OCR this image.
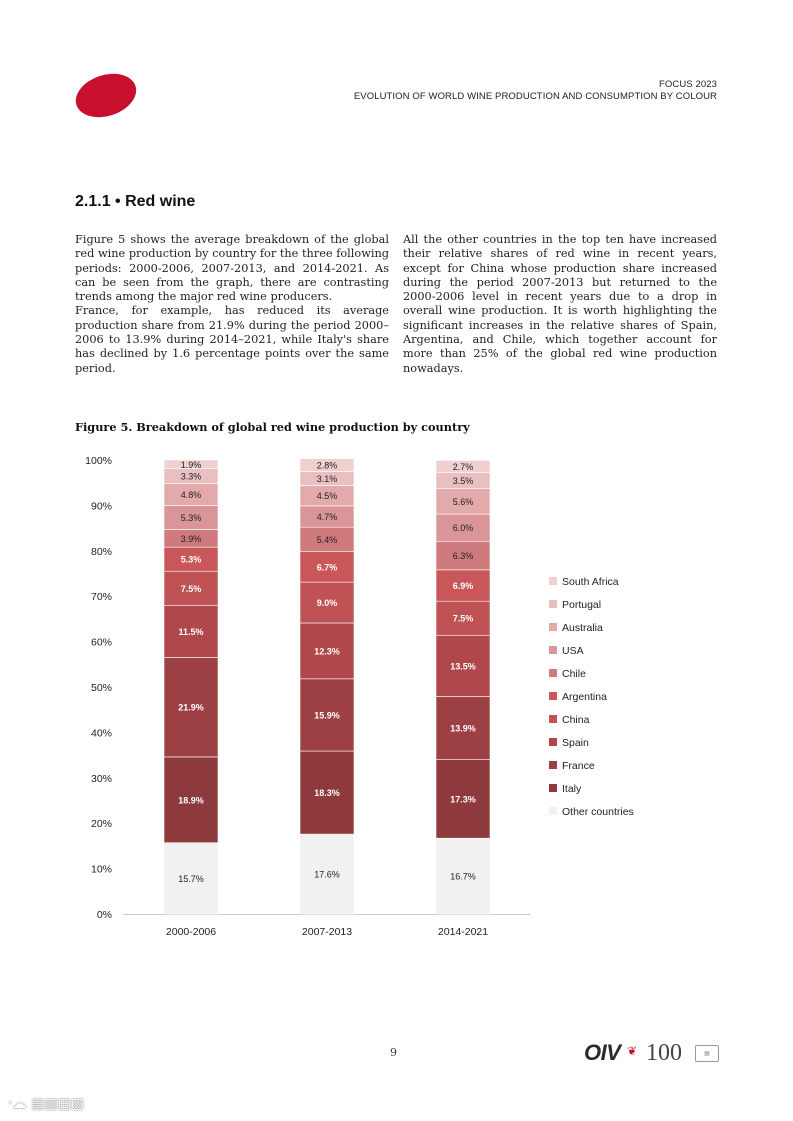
FOCUS 2023
EVOLUTION OF WORLD WINE PRODUCTION AND CONSUMPTION BY COLOUR
2.1.1 • Red wine

Figure 5 shows the average breakdown of the global red wine production by country for the three following periods: 2000-2006, 2007-2013, and 2014-2021. As can be seen from the graph, there are contrasting trends among the major red wine producers.

France, for example, has reduced its average production share from 21.9% during the period 2000–2006 to 13.9% during 2014–2021, while Italy's share has declined by 1.6 percentage points over the same period.

All the other countries in the top ten have increased their relative shares of red wine in recent years, except for China whose production share increased during the period 2007-2013 but returned to the 2000-2006 level in recent years due to a drop in overall wine production. It is worth highlighting the significant increases in the relative shares of Spain, Argentina, and Chile, which together account for more than 25% of the global red wine production nowadays.

Figure 5. Breakdown of global red wine production by country
0%
10%
20%
30%
40%
50%
60%
70%
80%
90%
100%
15.7%
18.9%
21.9%
11.5%
7.5%
5.3%
3.9%
5.3%
4.8%
3.3%
1.9%
2000-2006
17.6%
18.3%
15.9%
12.3%
9.0%
6.7%
5.4%
4.7%
4.5%
3.1%
2.8%
2007-2013
16.7%
17.3%
13.9%
13.5%
7.5%
6.9%
6.3%
6.0%
5.6%
3.5%
2.7%
2014-2021
South Africa
Portugal
Australia
USA
Chile
Argentina
China
Spain
France
Italy
Other countries
9	OIV ❦ 100	▦
ᐧ☁ ▤▥▦▧
